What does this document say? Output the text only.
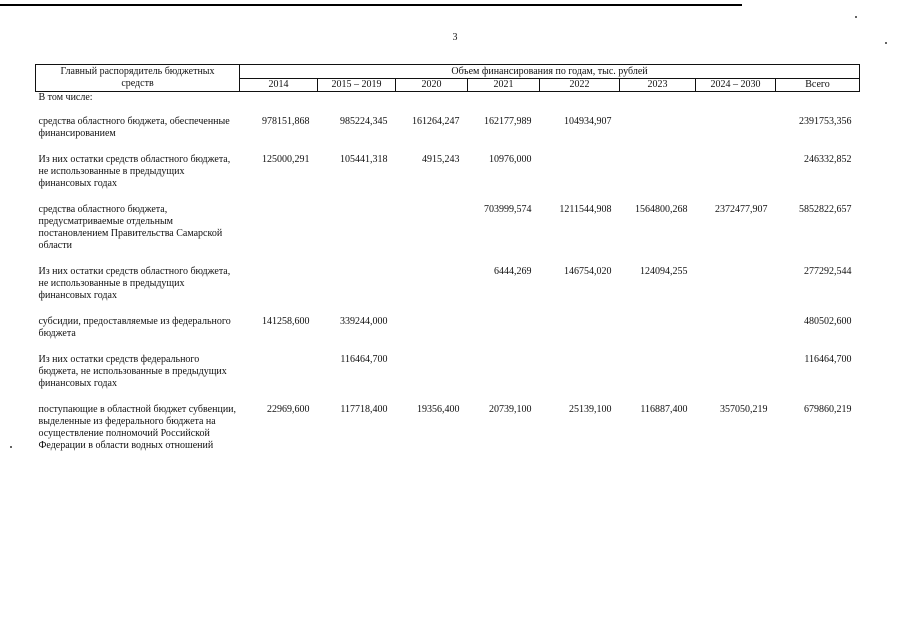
3
Главный распорядитель бюджетных
средств	Объем финансирования по годам, тыс. рублей							
	2014	2015 – 2019	2020	2021	2022	2023	2024 – 2030	Всего
В том числе:								

средства областного бюджета, обеспеченные финансированием	978151,868	985224,345	161264,247	162177,989	104934,907			2391753,356

Из них остатки средств областного бюджета, не использованные в предыдущих финансовых годах	125000,291	105441,318	4915,243	10976,000				246332,852

средства областного бюджета, предусматриваемые отдельным постановлением Правительства Самарской области				703999,574	1211544,908	1564800,268	2372477,907	5852822,657

Из них остатки средств областного бюджета, не использованные в предыдущих финансовых годах				6444,269	146754,020	124094,255		277292,544

субсидии, предоставляемые из федерального бюджета	141258,600	339244,000						480502,600

Из них остатки средств федерального бюджета, не использованные в предыдущих финансовых годах		116464,700						116464,700

поступающие в областной бюджет субвенции, выделенные из федерального бюджета на осуществление полномочий Российской Федерации в области водных отношений	22969,600	117718,400	19356,400	20739,100	25139,100	116887,400	357050,219	679860,219
